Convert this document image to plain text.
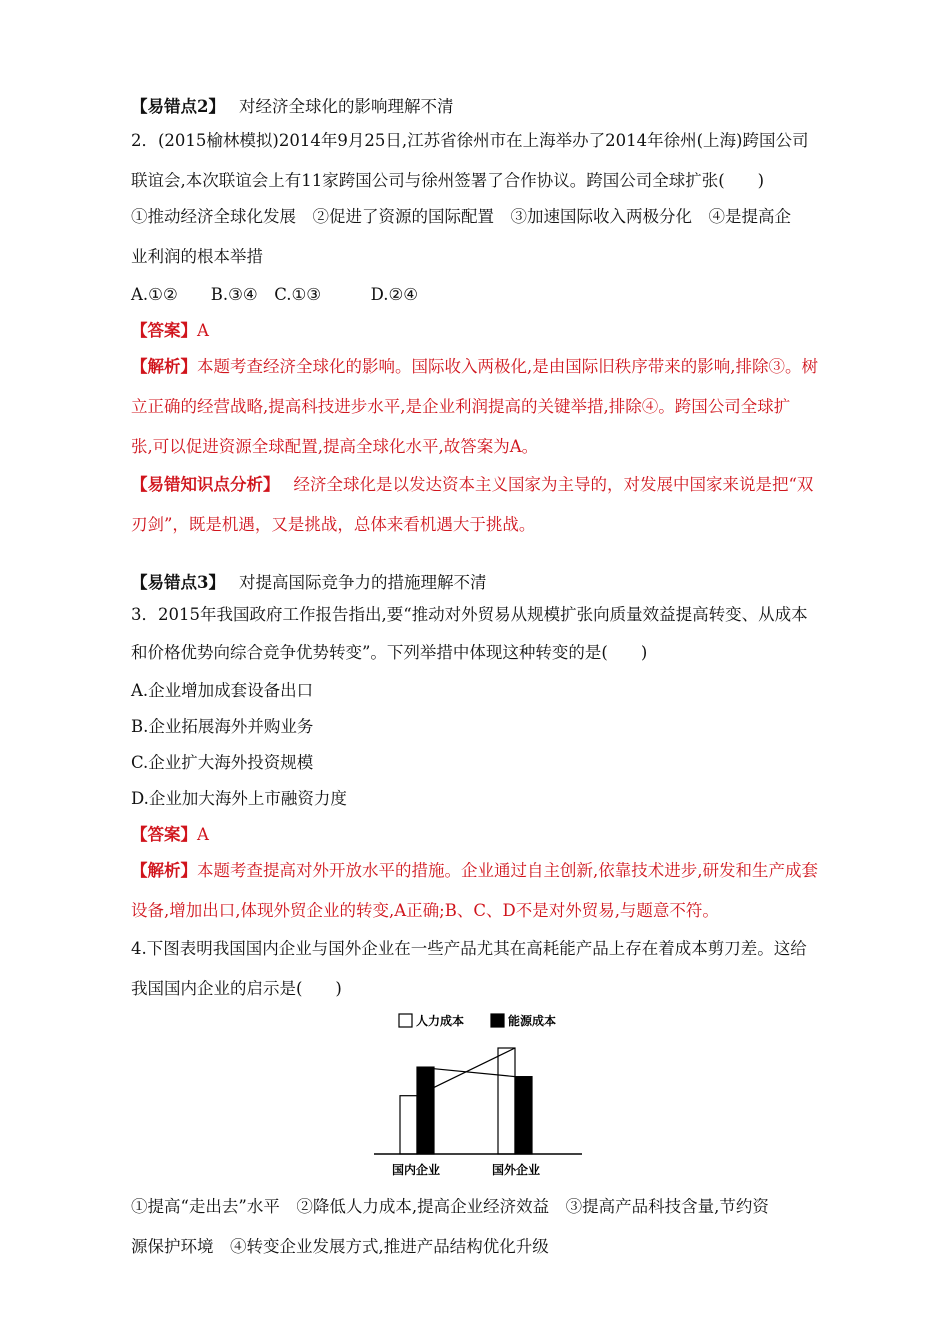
【易错点2】 对经济全球化的影响理解不清
2．(2015榆林模拟)2014年9月25日,江苏省徐州市在上海举办了2014年徐州(上海)跨国公司
联谊会,本次联谊会上有11家跨国公司与徐州签署了合作协议。跨国公司全球扩张(　　)
①推动经济全球化发展　②促进了资源的国际配置　③加速国际收入两极分化　④是提高企
业利润的根本举措
A.①②　　B.③④　C.①③　　　D.②④
【答案】A
【解析】本题考查经济全球化的影响。国际收入两极化,是由国际旧秩序带来的影响,排除③。树
立正确的经营战略,提高科技进步水平,是企业利润提高的关键举措,排除④。跨国公司全球扩
张,可以促进资源全球配置,提高全球化水平,故答案为A。
【易错知识点分析】 经济全球化是以发达资本主义国家为主导的，对发展中国家来说是把“双
刃剑”，既是机遇，又是挑战，总体来看机遇大于挑战。
【易错点3】 对提高国际竞争力的措施理解不清
3．2015年我国政府工作报告指出,要“推动对外贸易从规模扩张向质量效益提高转变、从成本
和价格优势向综合竞争优势转变”。下列举措中体现这种转变的是(　　)
A.企业增加成套设备出口
B.企业拓展海外并购业务
C.企业扩大海外投资规模
D.企业加大海外上市融资力度
【答案】A
【解析】本题考查提高对外开放水平的措施。企业通过自主创新,依靠技术进步,研发和生产成套
设备,增加出口,体现外贸企业的转变,A正确;B、C、D不是对外贸易,与题意不符。
4.下图表明我国国内企业与国外企业在一些产品尤其在高耗能产品上存在着成本剪刀差。这给
我国国内企业的启示是(　　)
人力成本	能源成本
国内企业	国外企业
①提高“走出去”水平　②降低人力成本,提高企业经济效益　③提高产品科技含量,节约资
源保护环境　④转变企业发展方式,推进产品结构优化升级
